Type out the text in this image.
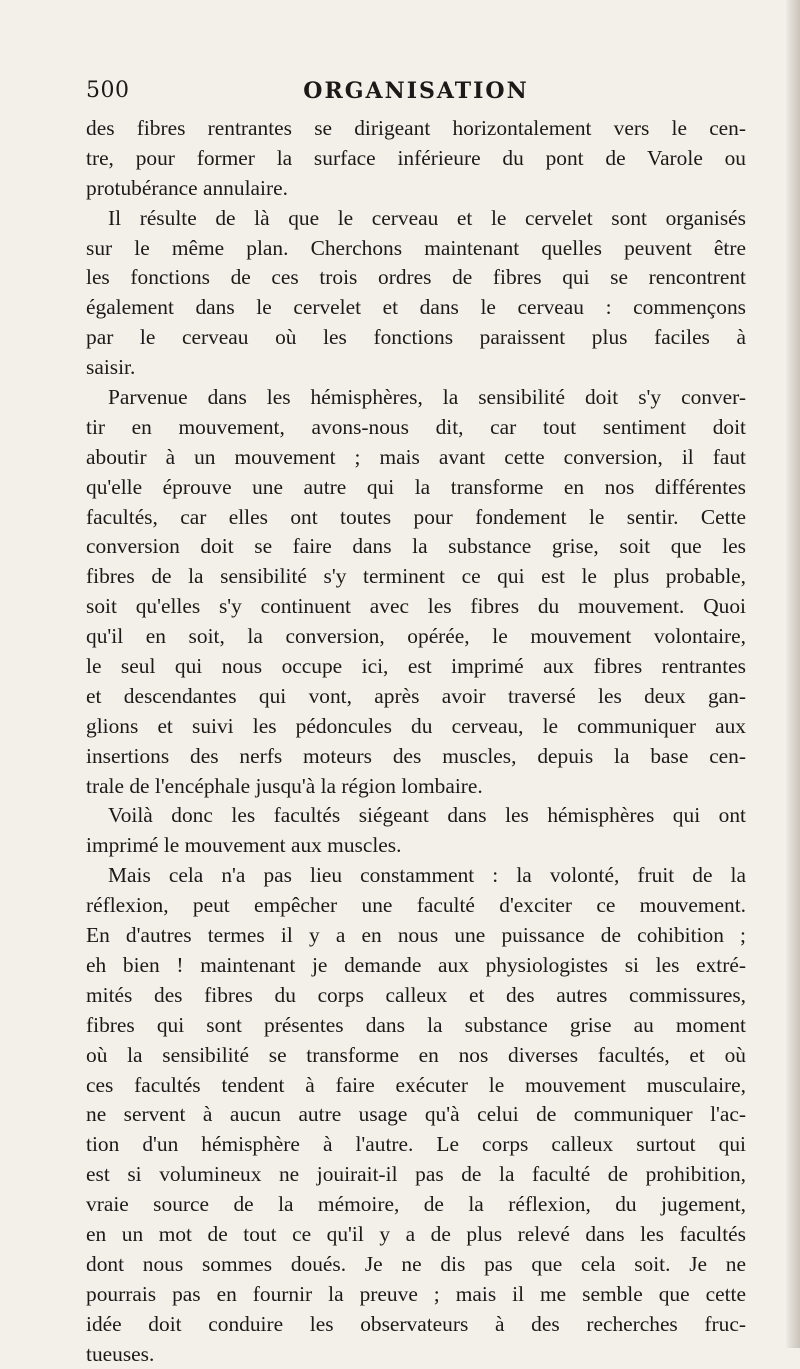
500	ORGANISATION
des fibres rentrantes se dirigeant horizontalement vers le cen-
tre, pour former la surface inférieure du pont de Varole ou
protubérance annulaire.
Il résulte de là que le cerveau et le cervelet sont organisés
sur le même plan. Cherchons maintenant quelles peuvent être
les fonctions de ces trois ordres de fibres qui se rencontrent
également dans le cervelet et dans le cerveau : commençons
par le cerveau où les fonctions paraissent plus faciles à
saisir.
Parvenue dans les hémisphères, la sensibilité doit s'y conver-
tir en mouvement, avons-nous dit, car tout sentiment doit
aboutir à un mouvement ; mais avant cette conversion, il faut
qu'elle éprouve une autre qui la transforme en nos différentes
facultés, car elles ont toutes pour fondement le sentir. Cette
conversion doit se faire dans la substance grise, soit que les
fibres de la sensibilité s'y terminent ce qui est le plus probable,
soit qu'elles s'y continuent avec les fibres du mouvement. Quoi
qu'il en soit, la conversion, opérée, le mouvement volontaire,
le seul qui nous occupe ici, est imprimé aux fibres rentrantes
et descendantes qui vont, après avoir traversé les deux gan-
glions et suivi les pédoncules du cerveau, le communiquer aux
insertions des nerfs moteurs des muscles, depuis la base cen-
trale de l'encéphale jusqu'à la région lombaire.
Voilà donc les facultés siégeant dans les hémisphères qui ont
imprimé le mouvement aux muscles.
Mais cela n'a pas lieu constamment : la volonté, fruit de la
réflexion, peut empêcher une faculté d'exciter ce mouvement.
En d'autres termes il y a en nous une puissance de cohibition ;
eh bien ! maintenant je demande aux physiologistes si les extré-
mités des fibres du corps calleux et des autres commissures,
fibres qui sont présentes dans la substance grise au moment
où la sensibilité se transforme en nos diverses facultés, et où
ces facultés tendent à faire exécuter le mouvement musculaire,
ne servent à aucun autre usage qu'à celui de communiquer l'ac-
tion d'un hémisphère à l'autre. Le corps calleux surtout qui
est si volumineux ne jouirait-il pas de la faculté de prohibition,
vraie source de la mémoire, de la réflexion, du jugement,
en un mot de tout ce qu'il y a de plus relevé dans les facultés
dont nous sommes doués. Je ne dis pas que cela soit. Je ne
pourrais pas en fournir la preuve ; mais il me semble que cette
idée doit conduire les observateurs à des recherches fruc-
tueuses.
